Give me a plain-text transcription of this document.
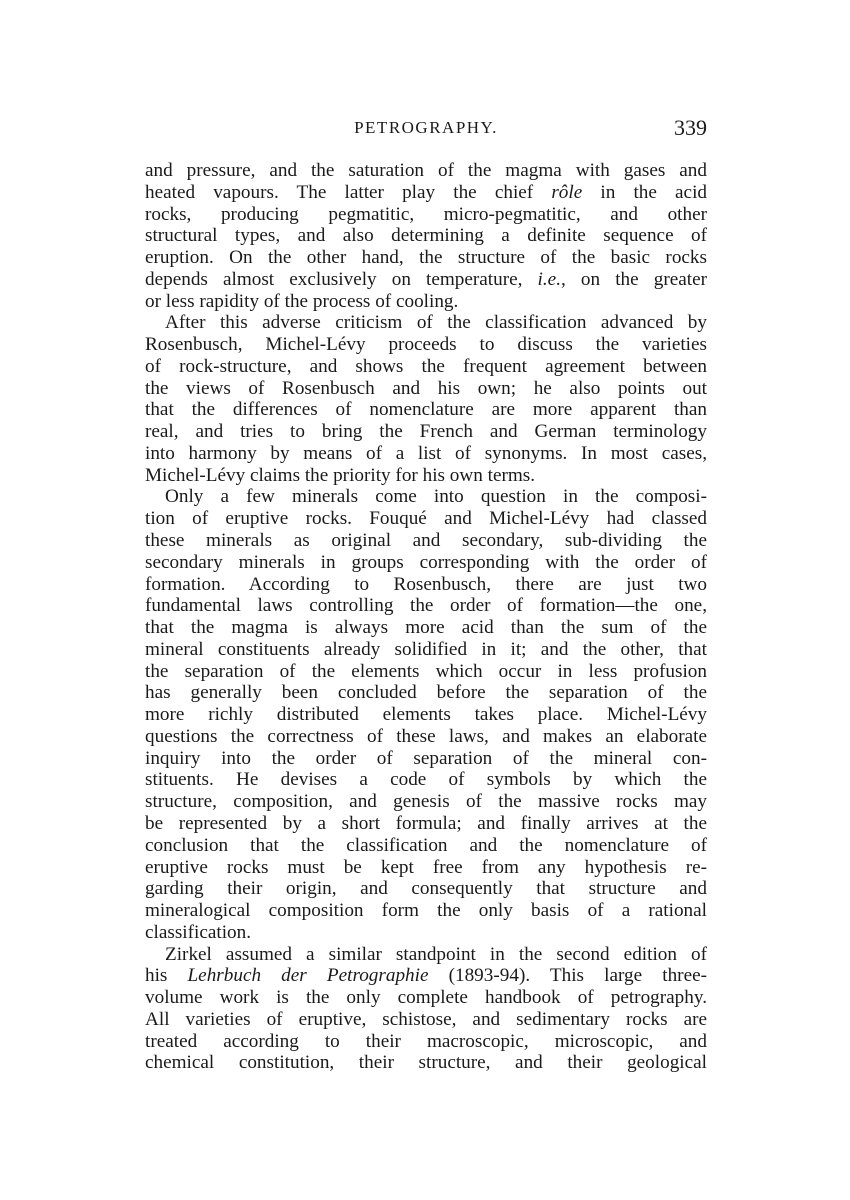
PETROGRAPHY.	339
and pressure, and the saturation of the magma with gases and
heated vapours. The latter play the chief rôle in the acid
rocks, producing pegmatitic, micro-pegmatitic, and other
structural types, and also determining a definite sequence of
eruption. On the other hand, the structure of the basic rocks
depends almost exclusively on temperature, i.e., on the greater
or less rapidity of the process of cooling.
After this adverse criticism of the classification advanced by
Rosenbusch, Michel-Lévy proceeds to discuss the varieties
of rock-structure, and shows the frequent agreement between
the views of Rosenbusch and his own; he also points out
that the differences of nomenclature are more apparent than
real, and tries to bring the French and German terminology
into harmony by means of a list of synonyms. In most cases,
Michel-Lévy claims the priority for his own terms.
Only a few minerals come into question in the composi-
tion of eruptive rocks. Fouqué and Michel-Lévy had classed
these minerals as original and secondary, sub-dividing the
secondary minerals in groups corresponding with the order of
formation. According to Rosenbusch, there are just two
fundamental laws controlling the order of formation—the one,
that the magma is always more acid than the sum of the
mineral constituents already solidified in it; and the other, that
the separation of the elements which occur in less profusion
has generally been concluded before the separation of the
more richly distributed elements takes place. Michel-Lévy
questions the correctness of these laws, and makes an elaborate
inquiry into the order of separation of the mineral con-
stituents. He devises a code of symbols by which the
structure, composition, and genesis of the massive rocks may
be represented by a short formula; and finally arrives at the
conclusion that the classification and the nomenclature of
eruptive rocks must be kept free from any hypothesis re-
garding their origin, and consequently that structure and
mineralogical composition form the only basis of a rational
classification.
Zirkel assumed a similar standpoint in the second edition of
his Lehrbuch der Petrographie (1893-94). This large three-
volume work is the only complete handbook of petrography.
All varieties of eruptive, schistose, and sedimentary rocks are
treated according to their macroscopic, microscopic, and
chemical constitution, their structure, and their geological
